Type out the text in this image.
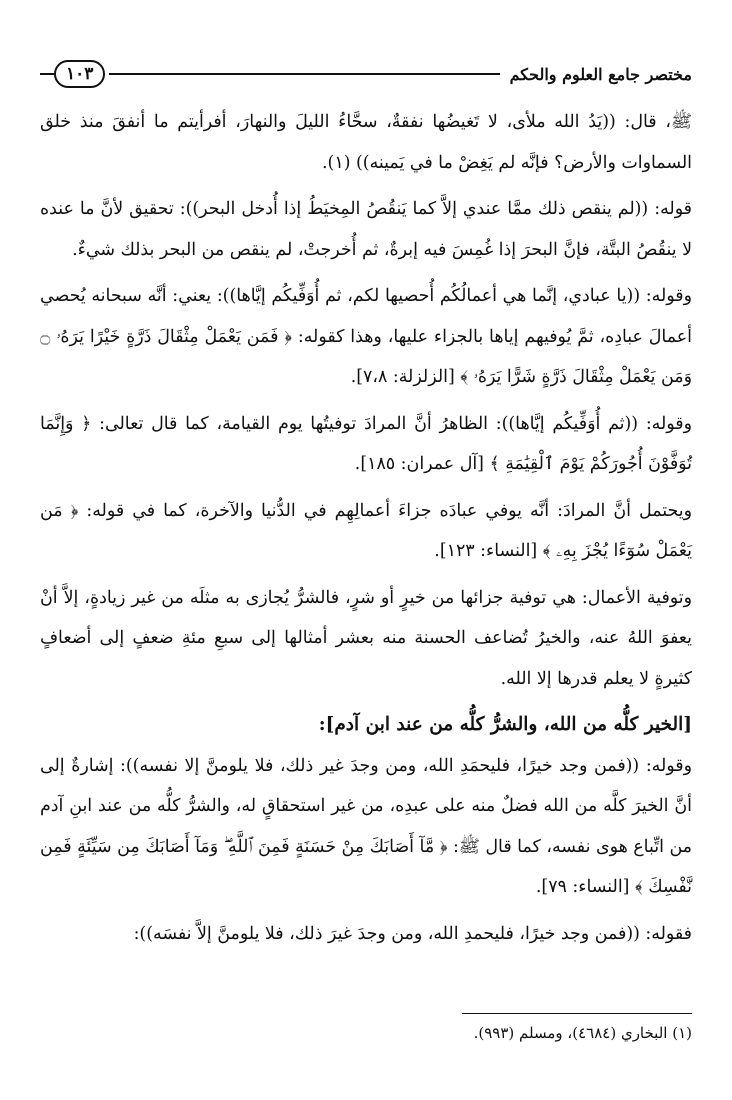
مختصر جامع العلوم والحكم
١٠٣

ﷺ، قال: ((يَدُ الله ملأى، لا تَغيضُها نفقةٌ، سحَّاءُ الليلَ والنهارَ، أفرأيتم ما أنفقَ منذ خلق السماوات والأرض؟ فإنَّه لم يَغِضْ ما في يَمينه)) (١).

قوله: ((لم ينقص ذلك ممَّا عندي إلاَّ كما يَنقُصُ المِخيَطُ إذا أُدخل البحر)): تحقيق لأنَّ ما عنده لا ينقُصُ البتَّة، فإنَّ البحرَ إذا غُمِسَ فيه إبرةٌ، ثم أُخرجتْ، لم ينقص من البحر بذلك شيءٌ.

وقوله: ((يا عبادي، إنَّما هي أعمالُكُم أُحصيها لكم، ثم أُوَفِّيكُم إيَّاها)): يعني: أنَّه سبحانه يُحصي أعمالَ عبادِه، ثمَّ يُوفيهم إياها بالجزاء عليها، وهذا كقوله: ﴿ فَمَن يَعْمَلْ مِثْقَالَ ذَرَّةٍ خَيْرًا يَرَهُۥ ۝ وَمَن يَعْمَلْ مِثْقَالَ ذَرَّةٍ شَرًّا يَرَهُۥ ﴾ [الزلزلة: ٧،٨].

وقوله: ((ثم أُوَفِّيكُم إيَّاها)): الظاهرُ أنَّ المرادَ توفيتُها يوم القيامة، كما قال تعالى: ﴿ وَإِنَّمَا تُوَفَّوْنَ أُجُورَكُمْ يَوْمَ ٱلْقِيَٰمَةِ ﴾ [آل عمران: ١٨٥].

ويحتمل أنَّ المرادَ: أنَّه يوفي عبادَه جزاءَ أعمالِهِم في الدُّنيا والآخرة، كما في قوله: ﴿ مَن يَعْمَلْ سُوٓءًا يُجْزَ بِهِۦ ﴾ [النساء: ١٢٣].

وتوفية الأعمال: هي توفية جزائها من خيرٍ أو شرٍ، فالشرُّ يُجازى به مثلَه من غير زيادةٍ، إلاَّ أنْ يعفوَ اللهُ عنه، والخيرُ تُضاعف الحسنة منه بعشر أمثالها إلى سبعِ مئةِ ضعفٍ إلى أضعافٍ كثيرةٍ لا يعلم قدرها إلا الله.

[الخير كلُّه من الله، والشرُّ كلُّه من عند ابن آدم]:

وقوله: ((فمن وجد خيرًا، فليحمَدِ الله، ومن وجدَ غير ذلك، فلا يلومنَّ إلا نفسه)): إشارةٌ إلى أنَّ الخيرَ كلَّه من الله فضلٌ منه على عبدِه، من غير استحقاقٍ له، والشرُّ كلُّه من عند ابنِ آدم من اتِّباع هوى نفسه، كما قال ﷺ: ﴿ مَّآ أَصَابَكَ مِنْ حَسَنَةٍ فَمِنَ ٱللَّهِ ۖ وَمَآ أَصَابَكَ مِن سَيِّئَةٍ فَمِن نَّفْسِكَ ﴾ [النساء: ٧٩].

فقوله: ((فمن وجد خيرًا، فليحمدِ الله، ومن وجدَ غيرَ ذلك، فلا يلومنَّ إلاَّ نفسَه)):

(١) البخاري (٤٦٨٤)، ومسلم (٩٩٣).
